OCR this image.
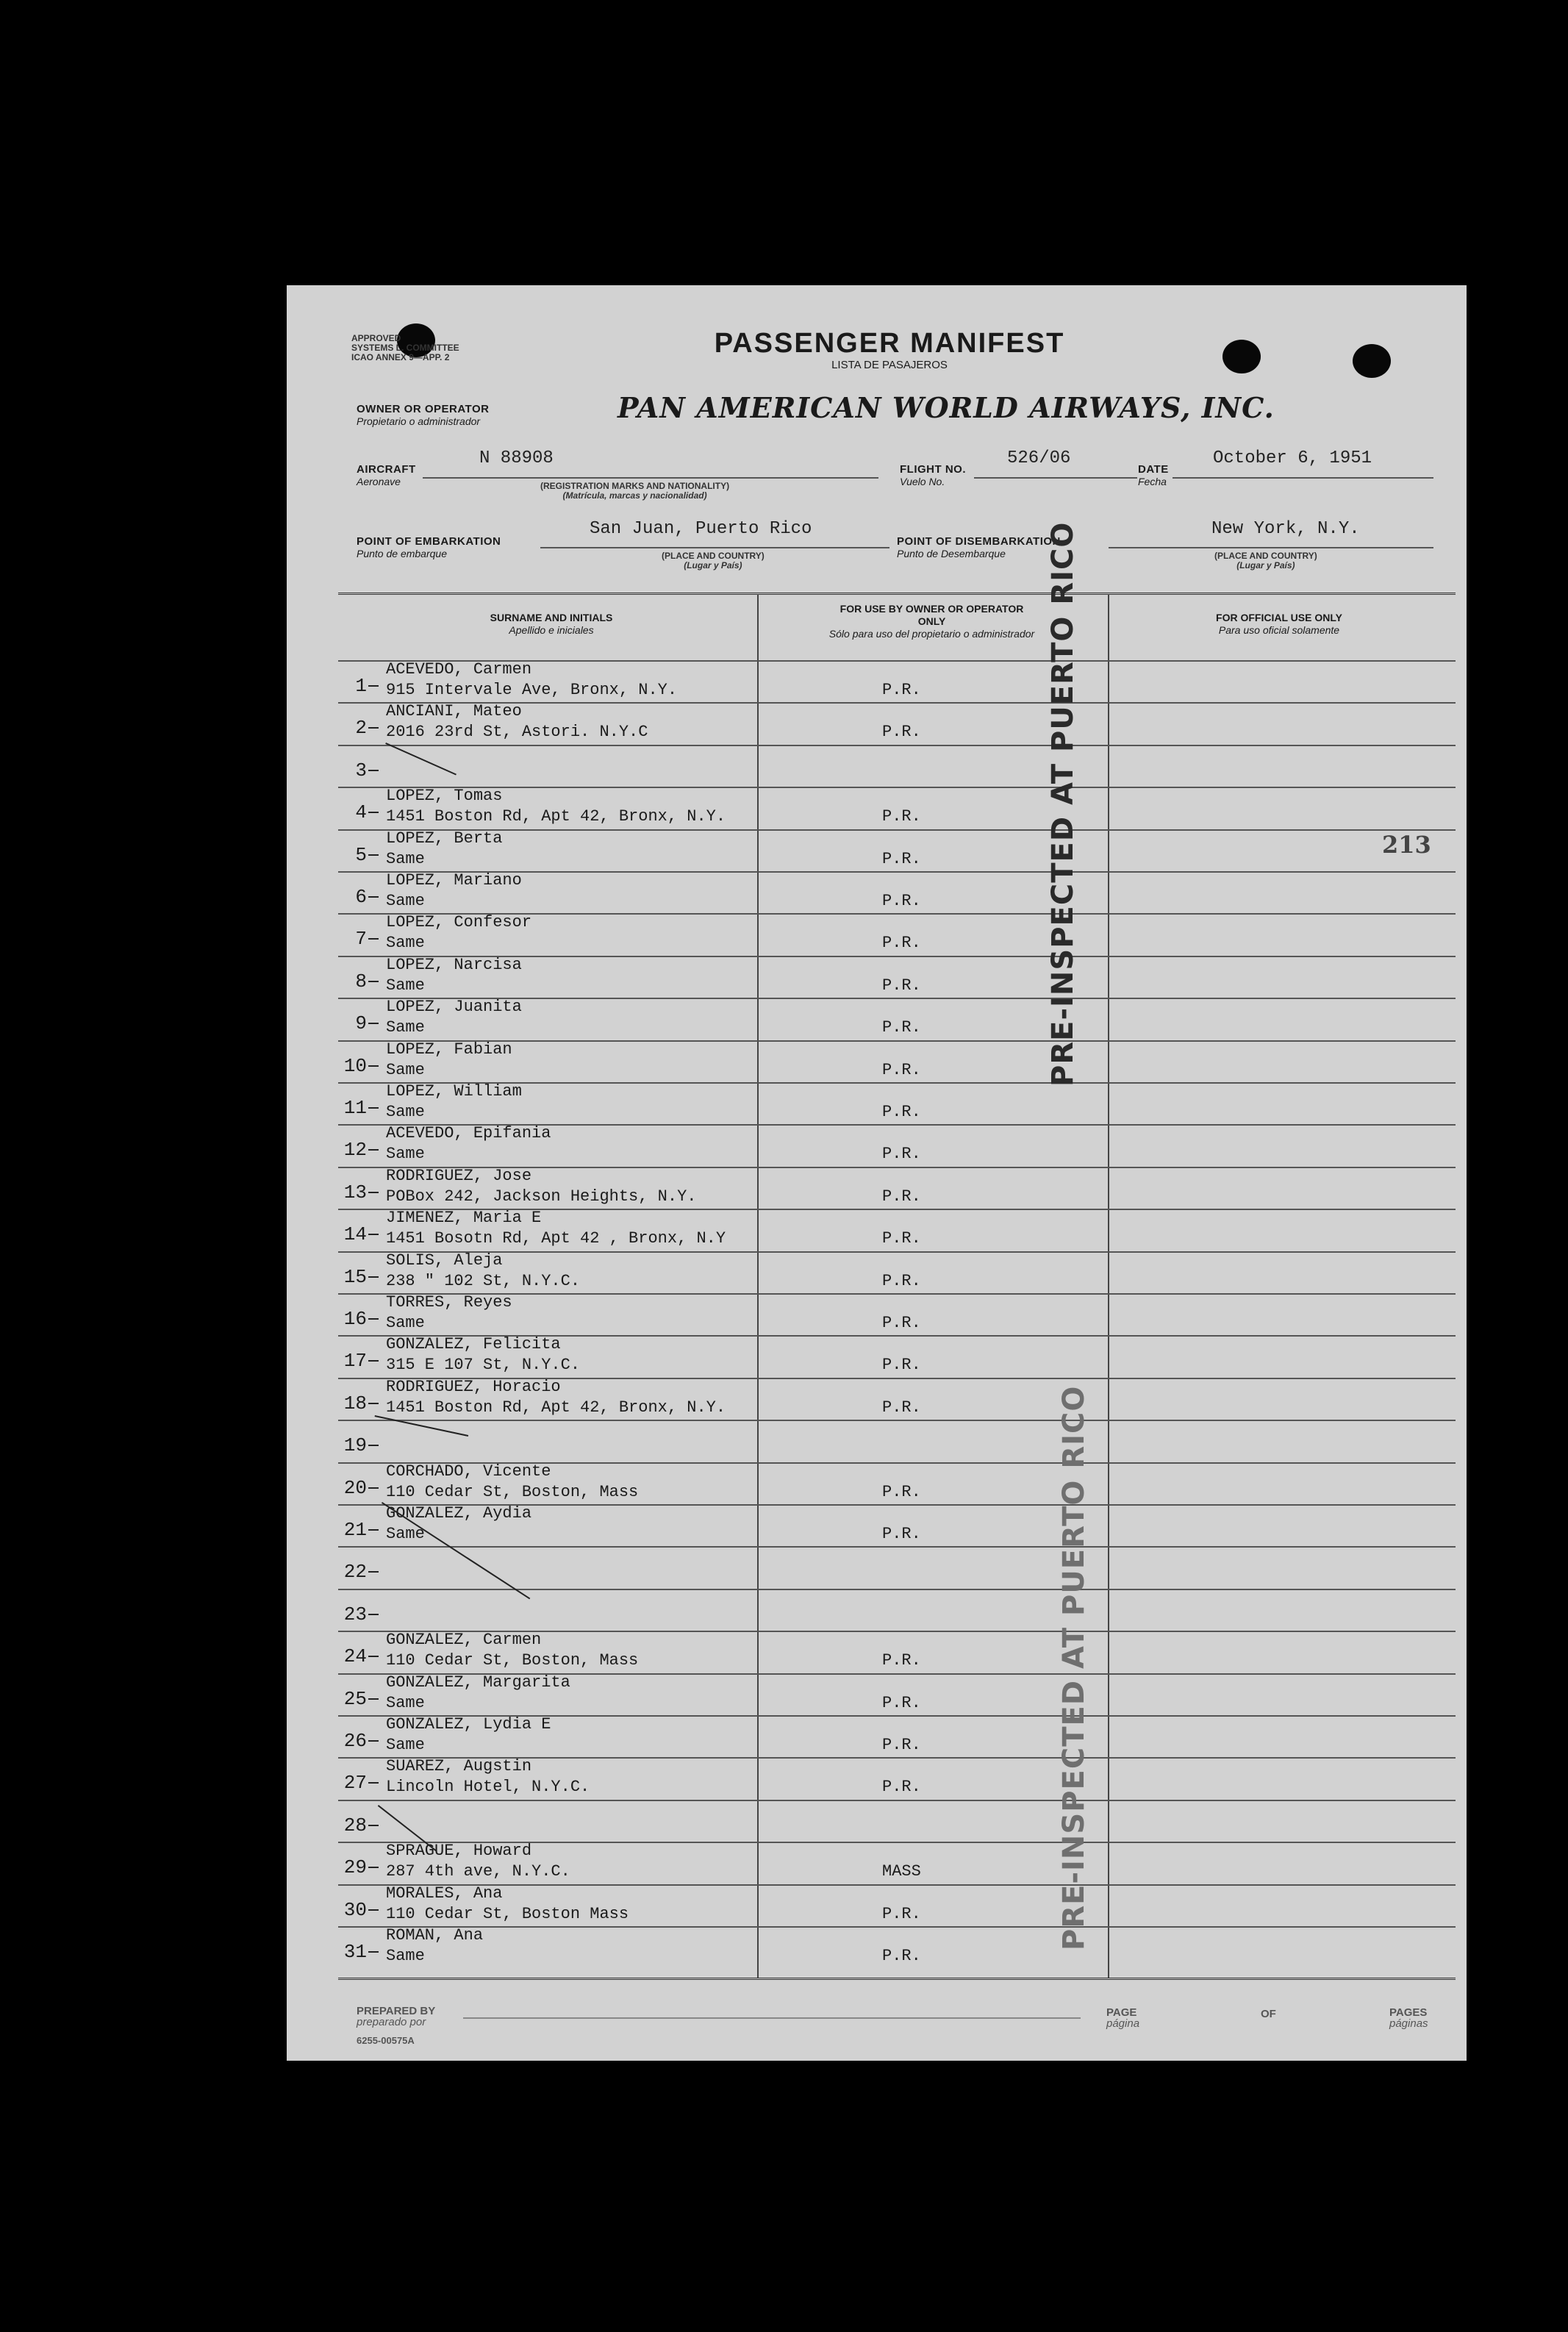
APPROVED
SYSTEMS L. COMMITTEE
ICAO ANNEX 9—APP. 2	PASSENGER MANIFEST
LISTA DE PASAJEROS
OWNER OR OPERATOR
Propietario o administrador	PAN AMERICAN WORLD AIRWAYS, INC.
AIRCRAFT
Aeronave
N 88908
(REGISTRATION MARKS AND NATIONALITY)
(Matrícula, marcas y nacionalidad)
FLIGHT NO.
Vuelo No.
526/06
DATE
Fecha
October 6, 1951
POINT OF EMBARKATION
Punto de embarque
San Juan, Puerto Rico
(PLACE AND COUNTRY)
(Lugar y País)
POINT OF DISEMBARKATION
Punto de Desembarque
New York, N.Y.
(PLACE AND COUNTRY)
(Lugar y País)
SURNAME AND INITIALS
Apellido e iniciales
FOR USE BY OWNER OR OPERATOR ONLY
Sólo para uso del propietario o administrador
FOR OFFICIAL USE ONLY
Para uso oficial solamente
1
ACEVEDO, Carmen
915 Intervale Ave, Bronx, N.Y.	P.R.
2
ANCIANI, Mateo
2016 23rd St, Astori. N.Y.C	P.R.
3
4
LOPEZ, Tomas
1451 Boston Rd, Apt 42, Bronx, N.Y.	P.R.
5
LOPEZ, Berta
Same	P.R.
213
6
LOPEZ, Mariano
Same	P.R.
7
LOPEZ, Confesor
Same	P.R.
8
LOPEZ, Narcisa
Same	P.R.
9
LOPEZ, Juanita
Same	P.R.
10
LOPEZ, Fabian
Same	P.R.
11
LOPEZ, William
Same	P.R.
12
ACEVEDO, Epifania
Same	P.R.
13
RODRIGUEZ, Jose
POBox 242, Jackson Heights, N.Y.	P.R.
14
JIMENEZ, Maria E
1451 Bosotn Rd, Apt 42 , Bronx, N.Y	P.R.
15
SOLIS, Aleja
238 " 102 St, N.Y.C.	P.R.
16
TORRES, Reyes
Same	P.R.
17
GONZALEZ, Felicita
315 E 107 St, N.Y.C.	P.R.
18
RODRIGUEZ, Horacio
1451 Boston Rd, Apt 42, Bronx, N.Y.	P.R.
19
20
CORCHADO, Vicente
110 Cedar St, Boston, Mass	P.R.
21
GONZALEZ, Aydia
Same	P.R.
22
23
24
GONZALEZ, Carmen
110 Cedar St, Boston, Mass	P.R.
25
GONZALEZ, Margarita
Same	P.R.
26
GONZALEZ, Lydia E
Same	P.R.
27
SUAREZ, Augstin
Lincoln Hotel, N.Y.C.	P.R.
28
29
SPRAGUE, Howard
287 4th ave, N.Y.C.	MASS
30
MORALES, Ana
110 Cedar St, Boston Mass	P.R.
31
ROMAN, Ana
Same	P.R.
PRE-INSPECTED AT PUERTO RICO
PRE-INSPECTED AT PUERTO RICO
PREPARED BY
preparado por
6255-00575A
PAGE
página
OF	PAGES
páginas
